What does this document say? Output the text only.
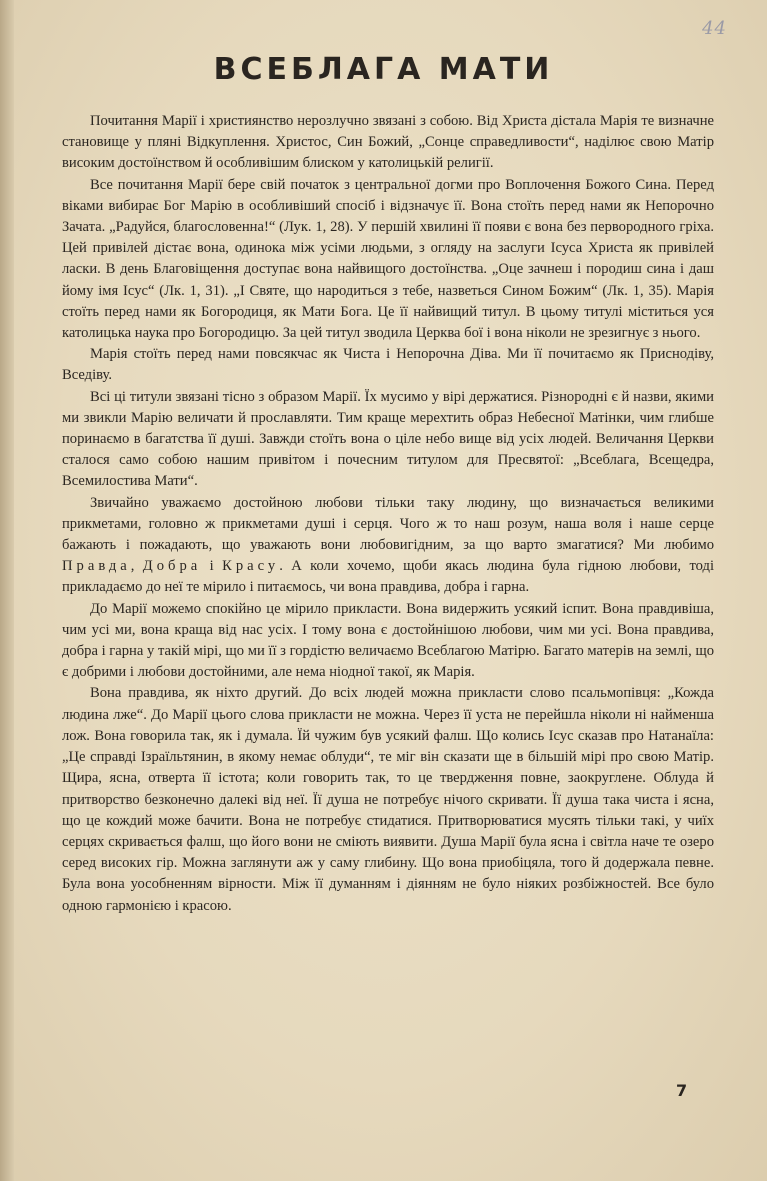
44
ВСЕБЛАГА МАТИ

Почитання Марії і християнство нерозлучно звязані з собою. Від Христа дістала Марія те визначне становище у пляні Відкуплення. Христос, Син Божий, „Сонце справедливости“, наділює свою Матір високим достоїнством й особливішим блиском у католицькій религії.

Все почитання Марії бере свій початок з центральної догми про Воплочення Божого Сина. Перед віками вибирає Бог Марію в особливіший спосіб і відзначує її. Вона стоїть перед нами як Непорочно Зачата. „Радуйся, благословенна!“ (Лук. 1, 28). У першій хвилині її появи є вона без первородного гріха. Цей привілей дістає вона, одинока між усіми людьми, з огляду на заслуги Ісуса Христа як привілей ласки. В день Благовіщення доступає вона найвищого достоїнства. „Оце зачнеш і породиш сина і даш йому імя Ісус“ (Лк. 1, 31). „І Святе, що народиться з тебе, назветься Сином Божим“ (Лк. 1, 35). Марія стоїть перед нами як Богородиця, як Мати Бога. Це її найвищий титул. В цьому титулі міститься уся католицька наука про Богородицю. За цей титул зводила Церква бої і вона ніколи не зрезигнує з нього.

Марія стоїть перед нами повсякчас як Чиста і Непорочна Діва. Ми її почитаємо як Приснодіву, Вседіву.

Всі ці титули звязані тісно з образом Марії. Їх мусимо у вірі держатися. Різнородні є й назви, якими ми звикли Марію величати й прославляти. Тим краще мерехтить образ Небесної Матінки, чим глибше поринаємо в багатства її душі. Завжди стоїть вона о ціле небо вище від усіх людей. Величання Церкви сталося само собою нашим привітом і почесним титулом для Пресвятої: „Всеблага, Всещедра, Всемилостива Мати“.

Звичайно уважаємо достойною любови тільки таку людину, що визначається великими прикметами, головно ж прикметами душі і серця. Чого ж то наш розум, наша воля і наше серце бажають і пожадають, що уважають вони любовигідним, за що варто змагатися? Ми любимо Правда, Добра і Красу. А коли хочемо, щоби якась людина була гідною любови, тоді прикладаємо до неї те мірило і питаємось, чи вона правдива, добра і гарна.

До Марії можемо спокійно це мірило прикласти. Вона видержить усякий іспит. Вона правдивіша, чим усі ми, вона краща від нас усіх. І тому вона є достойнішою любови, чим ми усі. Вона правдива, добра і гарна у такій мірі, що ми її з гордістю величаємо Всеблагою Матірю. Багато матерів на землі, що є добрими і любови достойними, але нема ніодної такої, як Марія.

Вона правдива, як ніхто другий. До всіх людей можна прикласти слово псальмопівця: „Кожда людина лже“. До Марії цього слова прикласти не можна. Через її уста не перейшла ніколи ні найменша лож. Вона говорила так, як і думала. Їй чужим був усякий фалш. Що колись Ісус сказав про Натанаїла: „Це справді Ізраїльтянин, в якому немає облуди“, те міг він сказати ще в більшій мірі про свою Матір. Щира, ясна, отверта її істота; коли говорить так, то це твердження повне, заокруглене. Облуда й притворство безконечно далекі від неї. Її душа не потребує нічого скривати. Її душа така чиста і ясна, що це кождий може бачити. Вона не потребує стидатися. Притворюватися мусять тільки такі, у чиїх серцях скривається фалш, що його вони не сміють виявити. Душа Марії була ясна і світла наче те озеро серед високих гір. Можна заглянути аж у саму глибину. Що вона приобіцяла, того й додержала певне. Була вона уособненням вірности. Між її думанням і діянням не було ніяких розбіжностей. Все було одною гармонією і красою.

7
